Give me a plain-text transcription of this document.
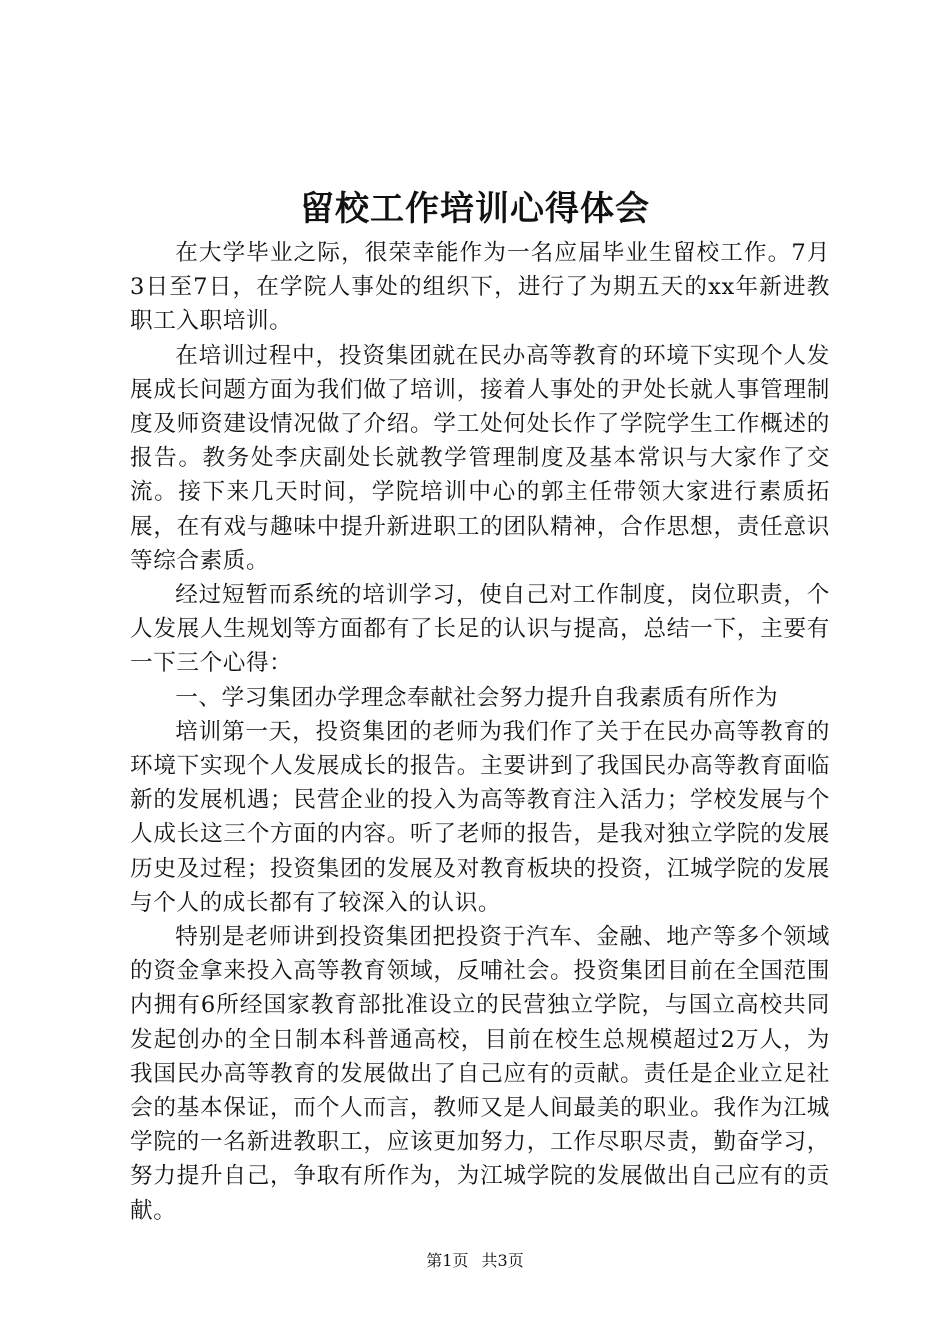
留校工作培训心得体会

在大学毕业之际，很荣幸能作为一名应届毕业生留校工作。7月3日至7日，在学院人事处的组织下，进行了为期五天的xx年新进教职工入职培训。

在培训过程中，投资集团就在民办高等教育的环境下实现个人发展成长问题方面为我们做了培训，接着人事处的尹处长就人事管理制度及师资建设情况做了介绍。学工处何处长作了学院学生工作概述的报告。教务处李庆副处长就教学管理制度及基本常识与大家作了交流。接下来几天时间，学院培训中心的郭主任带领大家进行素质拓展，在有戏与趣味中提升新进职工的团队精神，合作思想，责任意识等综合素质。

经过短暂而系统的培训学习，使自己对工作制度，岗位职责，个人发展人生规划等方面都有了长足的认识与提高，总结一下，主要有一下三个心得：

一、学习集团办学理念奉献社会努力提升自我素质有所作为

培训第一天，投资集团的老师为我们作了关于在民办高等教育的环境下实现个人发展成长的报告。主要讲到了我国民办高等教育面临新的发展机遇；民营企业的投入为高等教育注入活力；学校发展与个人成长这三个方面的内容。听了老师的报告，是我对独立学院的发展历史及过程；投资集团的发展及对教育板块的投资，江城学院的发展与个人的成长都有了较深入的认识。

特别是老师讲到投资集团把投资于汽车、金融、地产等多个领域的资金拿来投入高等教育领域，反哺社会。投资集团目前在全国范围内拥有6所经国家教育部批准设立的民营独立学院，与国立高校共同发起创办的全日制本科普通高校，目前在校生总规模超过2万人，为我国民办高等教育的发展做出了自己应有的贡献。责任是企业立足社会的基本保证，而个人而言，教师又是人间最美的职业。我作为江城学院的一名新进教职工，应该更加努力，工作尽职尽责，勤奋学习，努力提升自己，争取有所作为，为江城学院的发展做出自己应有的贡献。

第1页 共3页
